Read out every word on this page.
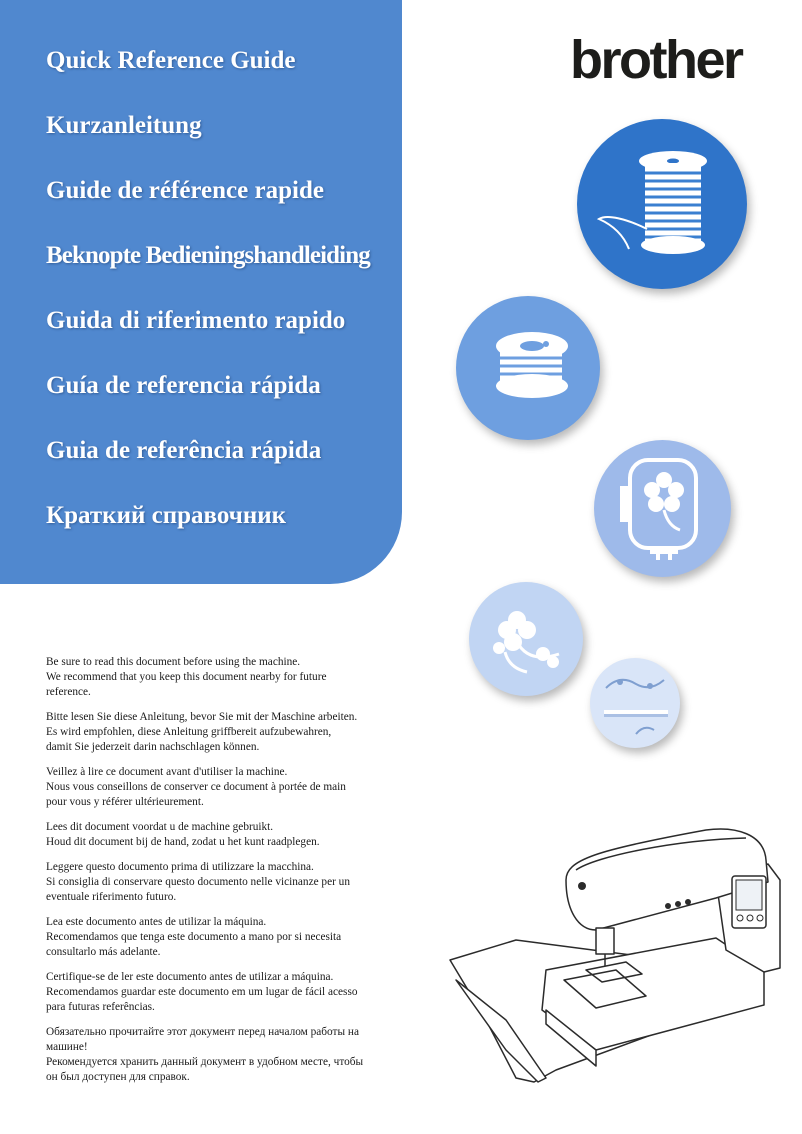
Quick Reference Guide
Kurzanleitung
Guide de référence rapide
Beknopte Bedieningshandleiding
Guida di riferimento rapido
Guía de referencia rápida
Guia de referência rápida
Краткий справочник
brother

Be sure to read this document before using the machine.
We recommend that you keep this document nearby for future
reference.

Bitte lesen Sie diese Anleitung, bevor Sie mit der Maschine arbeiten.
Es wird empfohlen, diese Anleitung griffbereit aufzubewahren,
damit Sie jederzeit darin nachschlagen können.

Veillez à lire ce document avant d'utiliser la machine.
Nous vous conseillons de conserver ce document à portée de main
pour vous y référer ultérieurement.

Lees dit document voordat u de machine gebruikt.
Houd dit document bij de hand, zodat u het kunt raadplegen.

Leggere questo documento prima di utilizzare la macchina.
Si consiglia di conservare questo documento nelle vicinanze per un
eventuale riferimento futuro.

Lea este documento antes de utilizar la máquina.
Recomendamos que tenga este documento a mano por si necesita
consultarlo más adelante.

Certifique-se de ler este documento antes de utilizar a máquina.
Recomendamos guardar este documento em um lugar de fácil acesso
para futuras referências.

Обязательно прочитайте этот документ перед началом работы на
машине!
Рекомендуется хранить данный документ в удобном месте, чтобы
он был доступен для справок.
